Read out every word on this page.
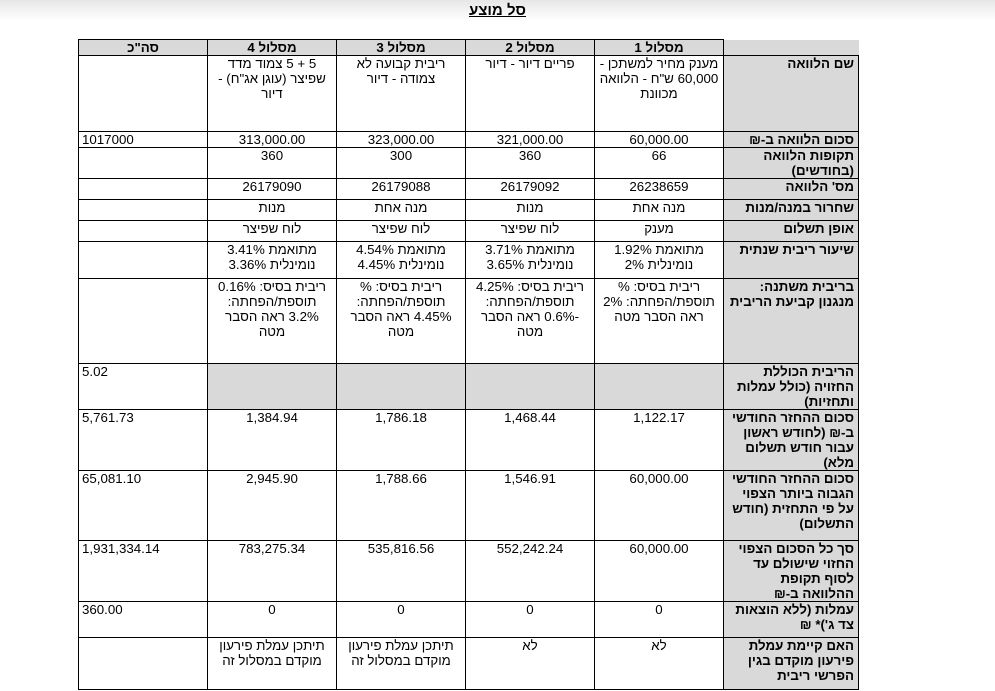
סל מוצע
	מסלול 1	מסלול 2	מסלול 3	מסלול 4	סה"כ
שם הלוואה	מענק מחיר למשתכן - 60,000 ש"ח - הלוואה מכוונת	פריים דיור - דיור	ריבית קבועה לא צמודה - דיור	5 + 5 צמוד מדד שפיצר (עוגן אג"ח) - דיור	
סכום הלוואה ב-₪	60,000.00	321,000.00	323,000.00	313,000.00	1017000
תקופות הלוואה (בחודשים)	66	360	300	360	
מס' הלוואה	26238659	26179092	26179088	26179090	
שחרור במנה/מנות	מנה אחת	מנות	מנה אחת	מנות	
אופן תשלום	מענק	לוח שפיצר	לוח שפיצר	לוח שפיצר	
שיעור ריבית שנתית	מתואמת 1.92% נומינלית 2%	מתואמת 3.71% נומינלית 3.65%	מתואמת 4.54% נומינלית 4.45%	מתואמת 3.41% נומינלית 3.36%	
בריבית משתנה: מנגנון קביעת הריבית	ריבית בסיס: % תוספת/הפחתה: 2% ראה הסבר מטה	ריבית בסיס: 4.25% תוספת/הפחתה: -0.6% ראה הסבר מטה	ריבית בסיס: % תוספת/הפחתה: 4.45% ראה הסבר מטה	ריבית בסיס: 0.16% תוספת/הפחתה: 3.2% ראה הסבר מטה	
הריבית הכוללת החזויה (כולל עמלות ותחזיות)					5.02
סכום ההחזר החודשי ב-₪ (לחודש ראשון עבור חודש תשלום מלא)	1,122.17	1,468.44	1,786.18	1,384.94	5,761.73
סכום ההחזר החודשי הגבוה ביותר הצפוי על פי התחזית (חודש התשלום)	60,000.00	1,546.91	1,788.66	2,945.90	65,081.10
סך כל הסכום הצפוי החזוי שישולם עד לסוף תקופת ההלוואה ב-₪	60,000.00	552,242.24	535,816.56	783,275.34	1,931,334.14
עמלות (ללא הוצאות צד ג')* ₪	0	0	0	0	360.00
האם קיימת עמלת פירעון מוקדם בגין הפרשי ריבית	לא	לא	תיתכן עמלת פירעון מוקדם במסלול זה	תיתכן עמלת פירעון מוקדם במסלול זה	
